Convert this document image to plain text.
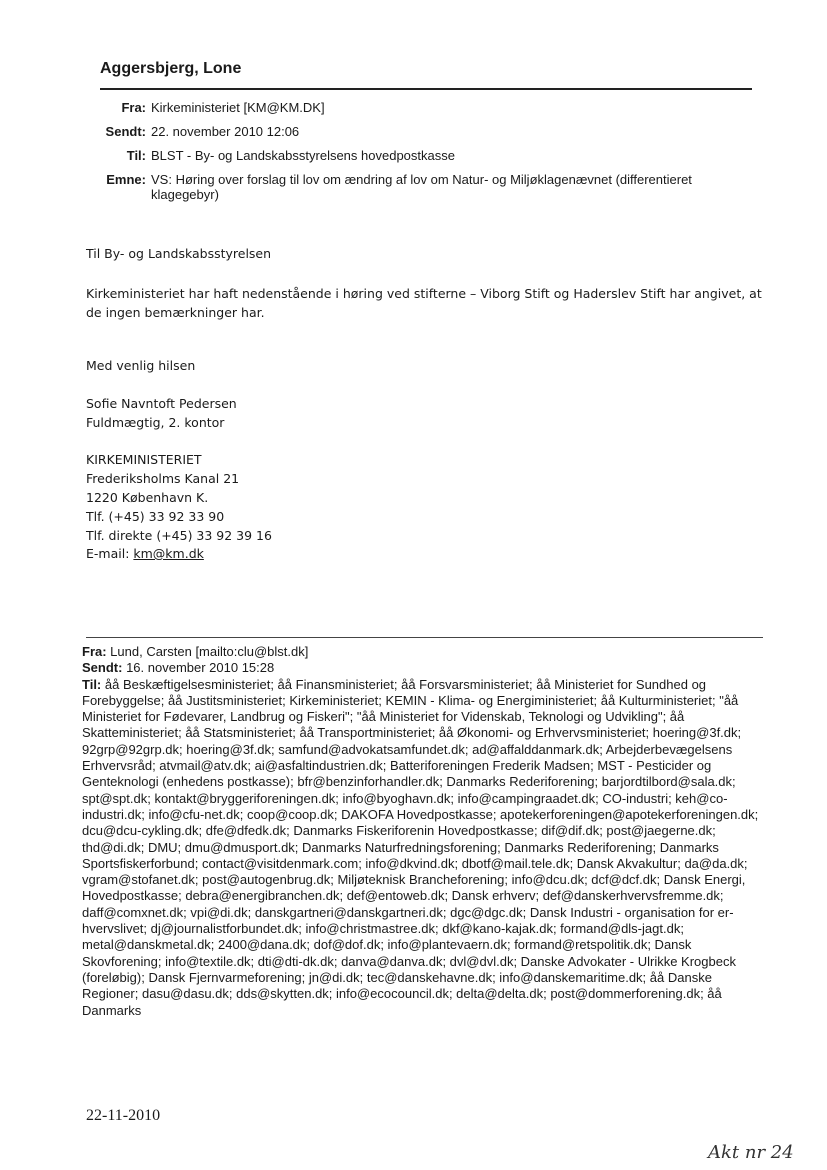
Aggersbjerg, Lone
Fra: Kirkeministeriet [KM@KM.DK]
Sendt: 22. november 2010 12:06
Til: BLST - By- og Landskabsstyrelsens hovedpostkasse
Emne: VS: Høring over forslag til lov om ændring af lov om Natur- og Miljøklagenævnet (differentieret klagegebyr)
Til By- og Landskabsstyrelsen
Kirkeministeriet har haft nedenstående i høring ved stifterne – Viborg Stift og Haderslev Stift har angivet, at de ingen bemærkninger har.
Med venlig hilsen
Sofie Navntoft Pedersen
Fuldmægtig, 2. kontor
KIRKEMINISTERIET
Frederiksholms Kanal 21
1220 København K.
Tlf. (+45) 33 92 33 90
Tlf. direkte (+45) 33 92 39 16
E-mail: km@km.dk
Fra: Lund, Carsten [mailto:clu@blst.dk]
Sendt: 16. november 2010 15:28
Til: åå Beskæftigelsesministeriet; åå Finansministeriet; åå Forsvarsministeriet; åå Ministeriet for Sundhed og Forebyggelse; åå Justitsministeriet; Kirkeministeriet; KEMIN - Klima- og Energiministeriet; åå Kulturministeriet; "åå Ministeriet for Fødevarer, Landbrug og Fiskeri"; "åå Ministeriet for Videnskab, Teknologi og Udvikling"; åå Skatteministeriet; åå Statsministeriet; åå Transportministeriet; åå Økonomi- og Erhvervsministeriet; hoering@3f.dk; 92grp@92grp.dk; hoering@3f.dk; samfund@advokatsamfundet.dk; ad@affalddanmark.dk; Arbejderbevægelsens Erhvervsråd; atvmail@atv.dk; ai@asfaltindustrien.dk; Batteriforeningen Frederik Madsen; MST - Pesticider og Genteknologi (enhedens postkasse); bfr@benzinforhandler.dk; Danmarks Rederiforening; barjordtilbord@sala.dk; spt@spt.dk; kontakt@bryggeriforeningen.dk; info@byoghavn.dk; info@campingraadet.dk; CO-industri; keh@co-industri.dk; info@cfu-net.dk; coop@coop.dk; DAKOFA Hovedpostkasse; apotekerforeningen@apotekerforeningen.dk; dcu@dcu-cykling.dk; dfe@dfedk.dk; Danmarks Fiskeriforenin Hovedpostkasse; dif@dif.dk; post@jaegerne.dk; thd@di.dk; DMU; dmu@dmusport.dk; Danmarks Naturfredningsforening; Danmarks Rederiforening; Danmarks Sportsfiskerforbund; contact@visitdenmark.com; info@dkvind.dk; dbotf@mail.tele.dk; Dansk Akvakultur; da@da.dk; vgram@stofanet.dk; post@autogenbrug.dk; Miljøteknisk Brancheforening; info@dcu.dk; dcf@dcf.dk; Dansk Energi, Hovedpostkasse; debra@energibranchen.dk; def@entoweb.dk; Dansk erhverv; def@danskerhvervsfremme.dk; daff@comxnet.dk; vpi@di.dk; danskgartneri@danskgartneri.dk; dgc@dgc.dk; Dansk Industri - organisation for er-hvervslivet; dj@journalistforbundet.dk; info@christmastree.dk; dkf@kano-kajak.dk; formand@dls-jagt.dk; metal@danskmetal.dk; 2400@dana.dk; dof@dof.dk; info@plantevaern.dk; formand@retspolitik.dk; Dansk Skovforening; info@textile.dk; dti@dti-dk.dk; danva@danva.dk; dvl@dvl.dk; Danske Advokater - Ulrikke Krogbeck (foreløbig); Dansk Fjernvarmeforening; jn@di.dk; tec@danskehavne.dk; info@danskemaritime.dk; åå Danske Regioner; dasu@dasu.dk; dds@skytten.dk; info@ecocouncil.dk; delta@delta.dk; post@dommerforening.dk; åå Danmarks
22-11-2010
Akt nr 24
